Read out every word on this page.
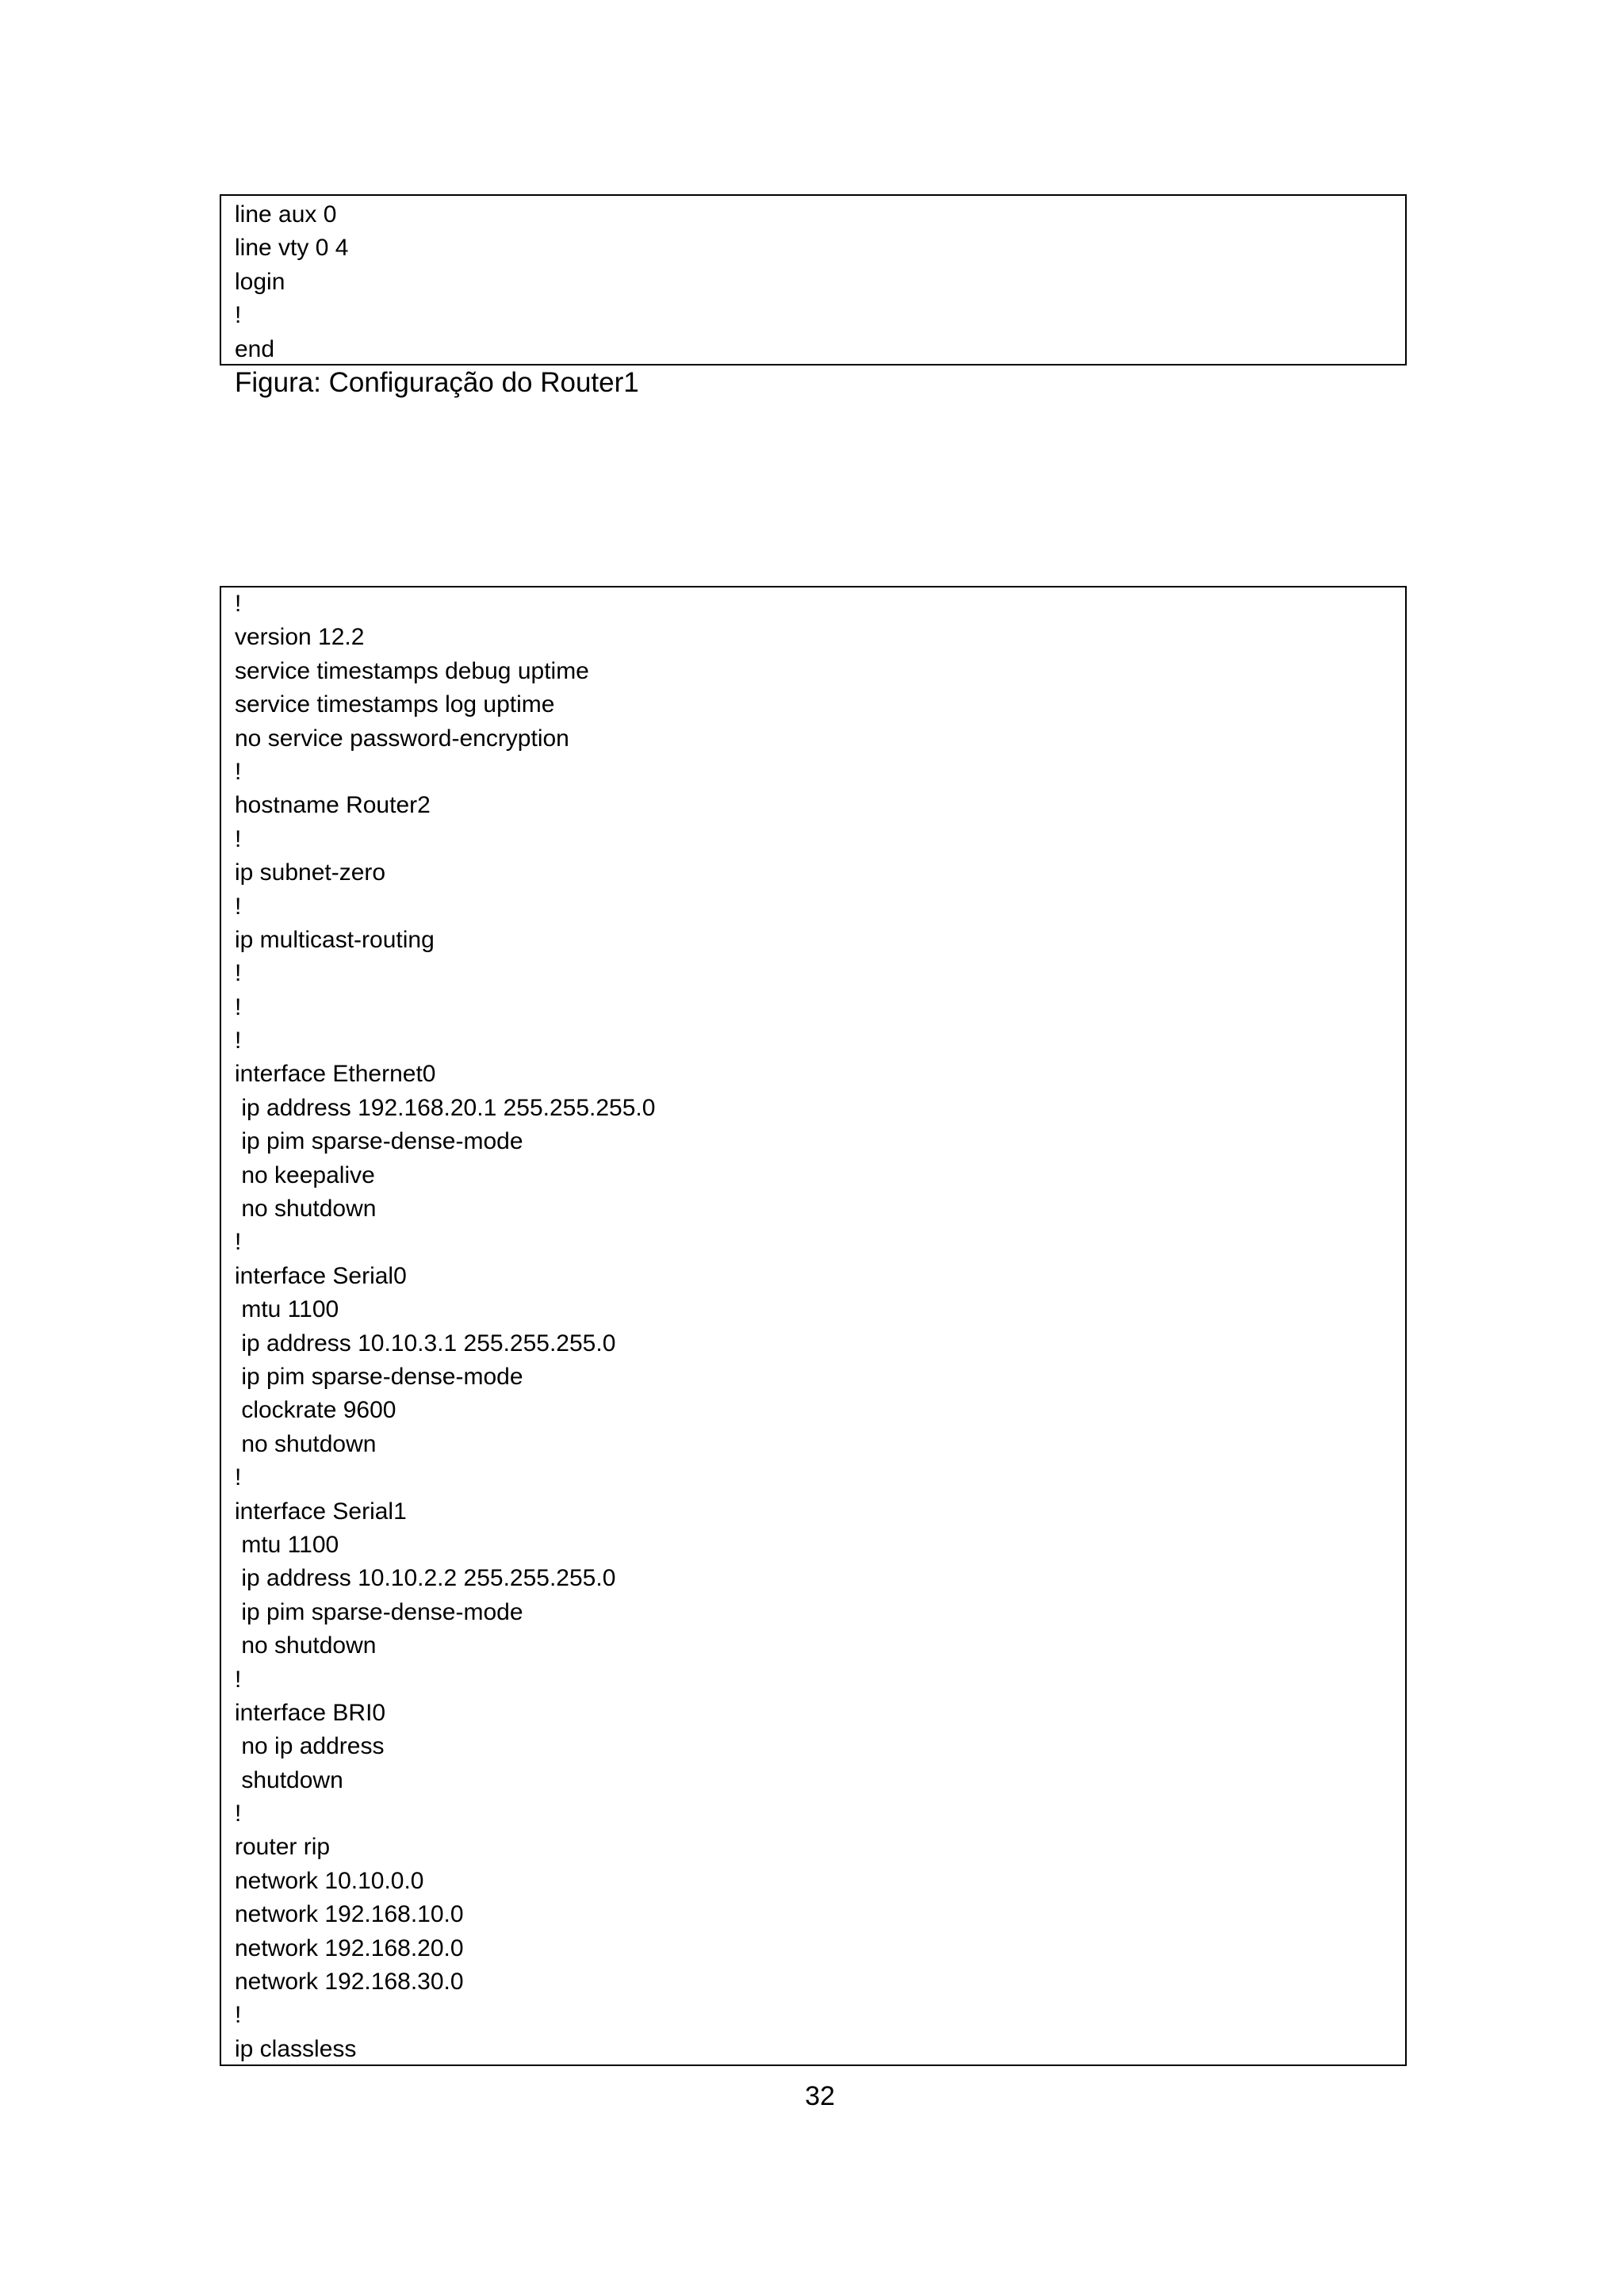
line aux 0
line vty 0 4
login
!
end
Figura: Configuração do Router1
!
version 12.2
service timestamps debug uptime
service timestamps log uptime
no service password-encryption
!
hostname Router2
!
ip subnet-zero
!
ip multicast-routing
!
!
!
interface Ethernet0
ip address 192.168.20.1 255.255.255.0
ip pim sparse-dense-mode
no keepalive
no shutdown
!
interface Serial0
mtu 1100
ip address 10.10.3.1 255.255.255.0
ip pim sparse-dense-mode
clockrate 9600
no shutdown
!
interface Serial1
mtu 1100
ip address 10.10.2.2 255.255.255.0
ip pim sparse-dense-mode
no shutdown
!
interface BRI0
no ip address
shutdown
!
router rip
network 10.10.0.0
network 192.168.10.0
network 192.168.20.0
network 192.168.30.0
!
ip classless
32
